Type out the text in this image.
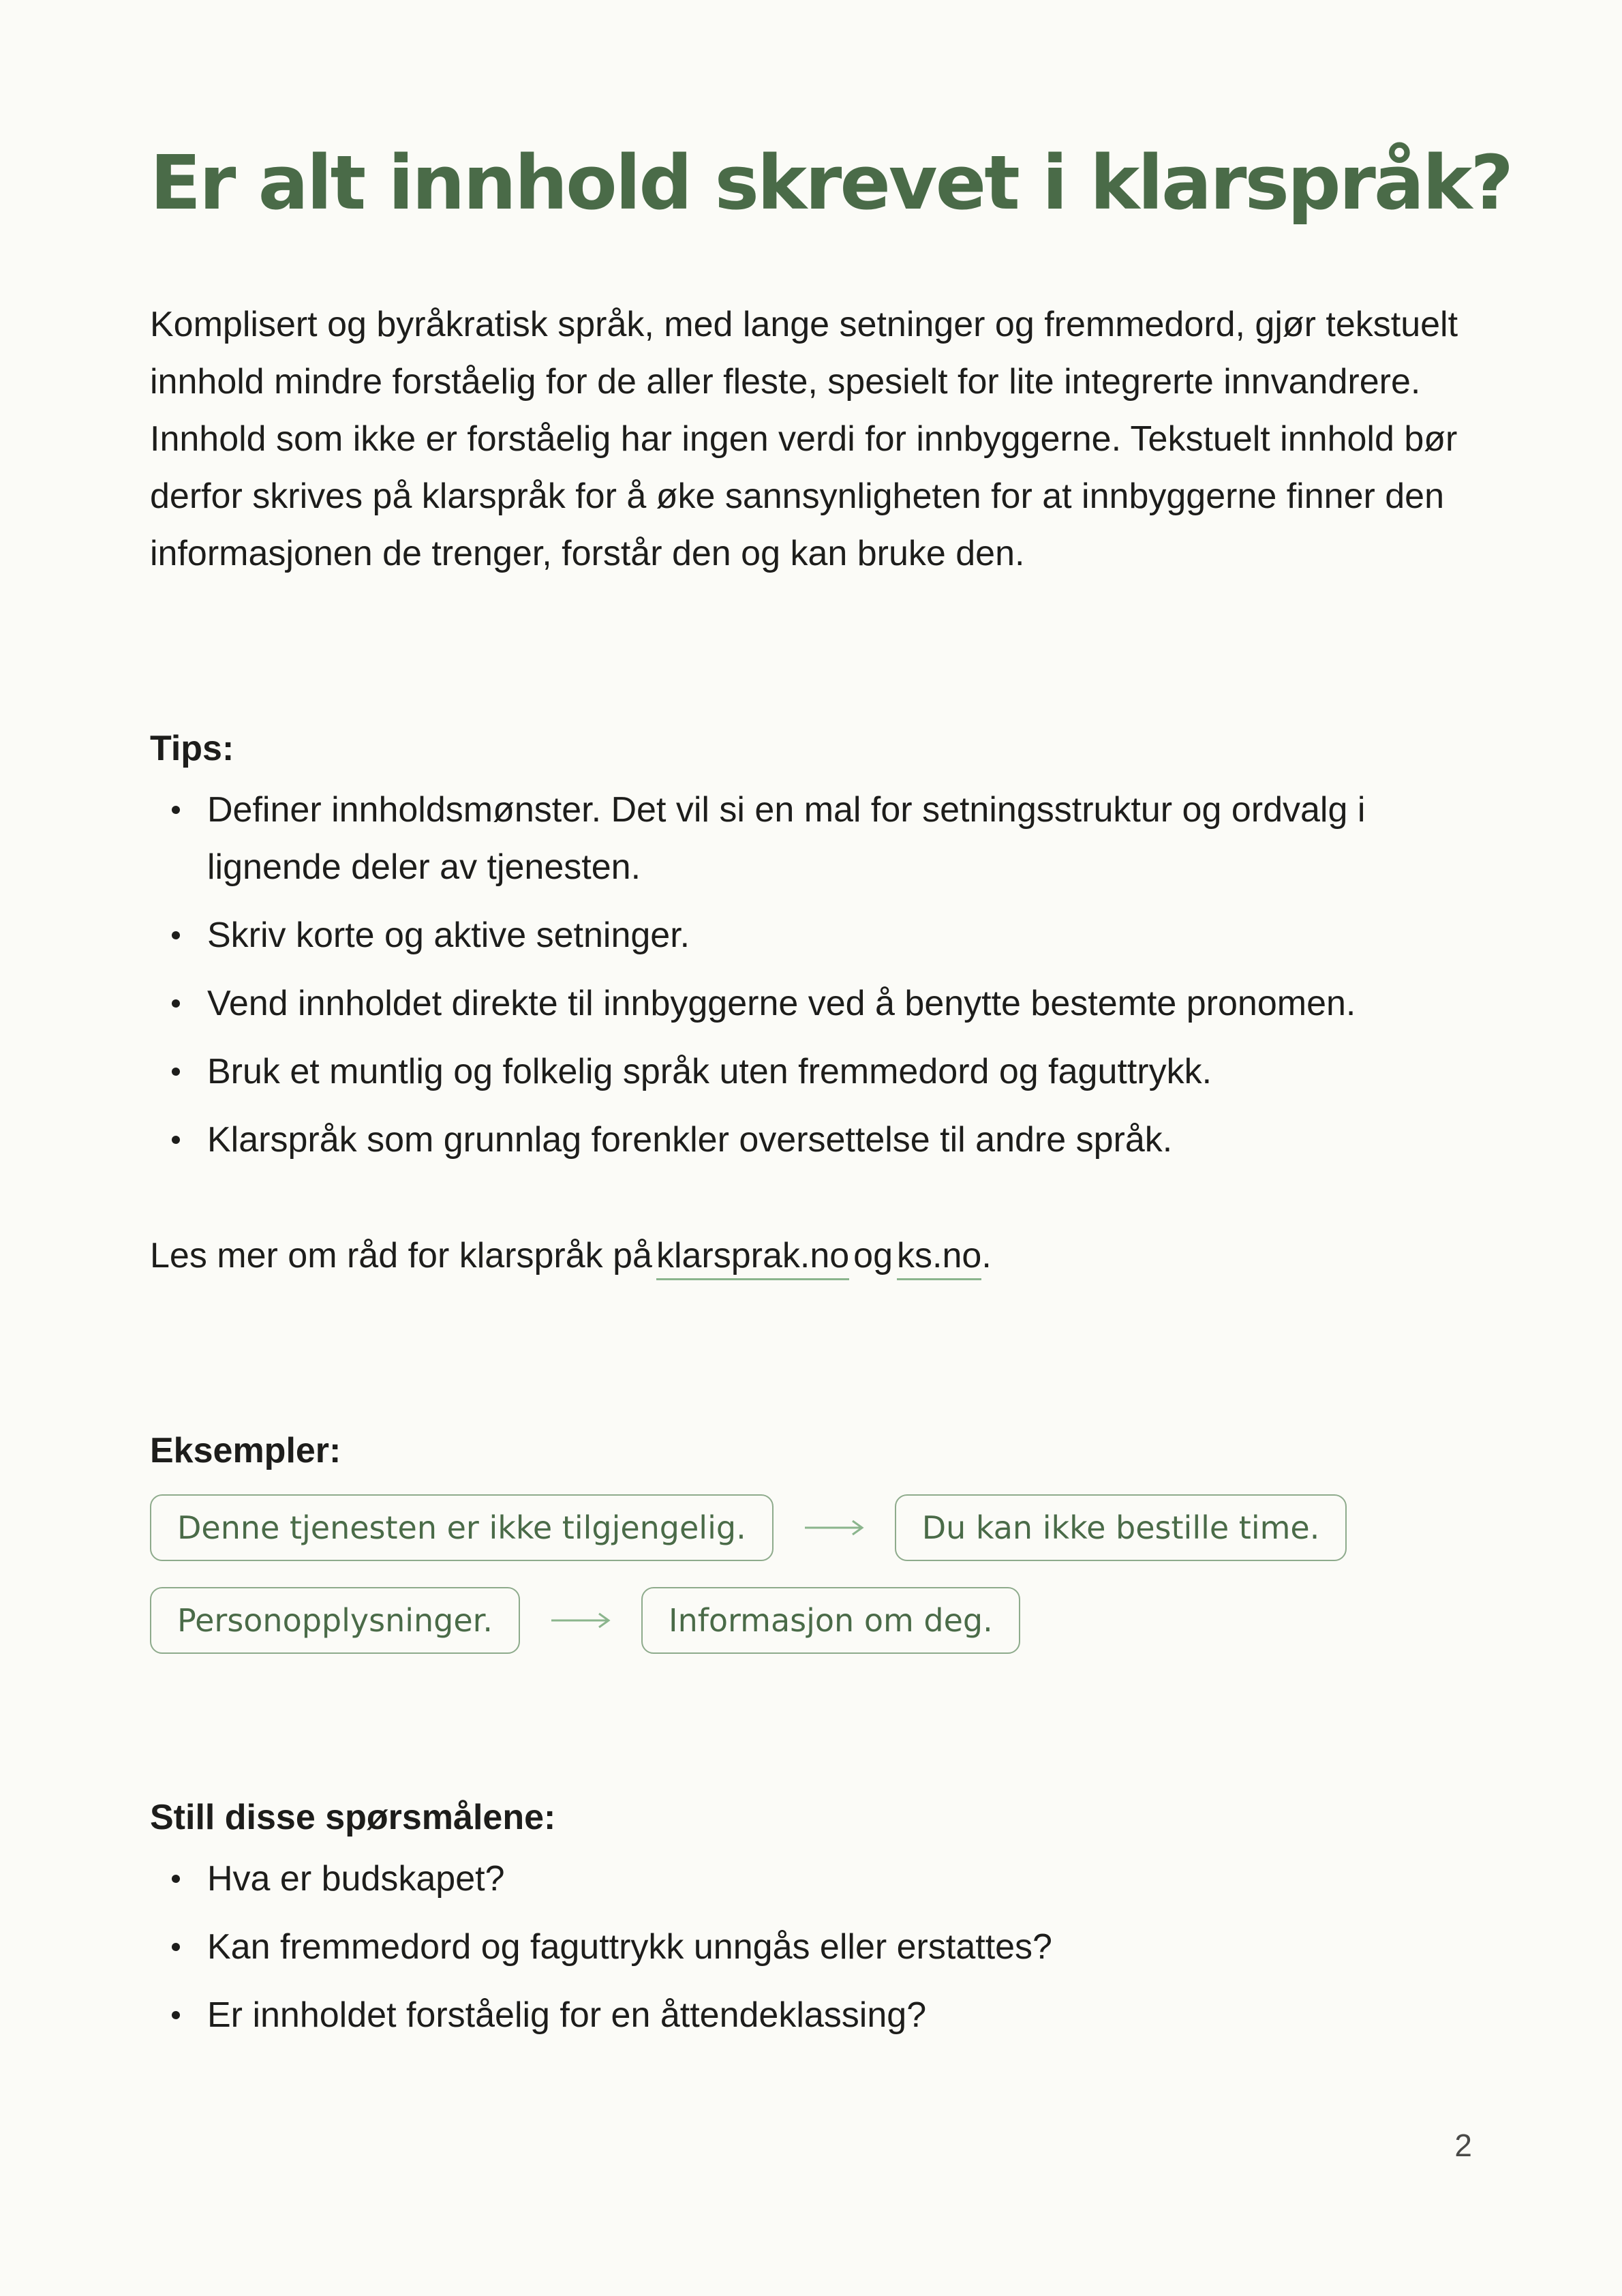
Er alt innhold skrevet i klarspråk?

Komplisert og byråkratisk språk, med lange setninger og fremmedord, gjør tekstuelt innhold mindre forståelig for de aller fleste, spesielt for lite integrerte innvandrere. Innhold som ikke er forståelig har ingen verdi for innbyggerne. Tekstuelt innhold bør derfor skrives på klarspråk for å øke sannsynligheten for at innbyggerne finner den informasjonen de trenger, forstår den og kan bruke den.

Tips:
Definer innholdsmønster. Det vil si en mal for setningsstruktur og ordvalg i lignende deler av tjenesten.
Skriv korte og aktive setninger.
Vend innholdet direkte til innbyggerne ved å benytte bestemte pronomen.
Bruk et muntlig og folkelig språk uten fremmedord og faguttrykk.
Klarspråk som grunnlag forenkler oversettelse til andre språk.

Les mer om råd for klarspråk på klarsprak.no og ks.no.

Eksempler:
Denne tjenesten er ikke tilgjengelig.	Du kan ikke bestille time.
Personopplysninger.	Informasjon om deg.
Still disse spørsmålene:
Hva er budskapet?
Kan fremmedord og faguttrykk unngås eller erstattes?
Er innholdet forståelig for en åttendeklassing?

2
